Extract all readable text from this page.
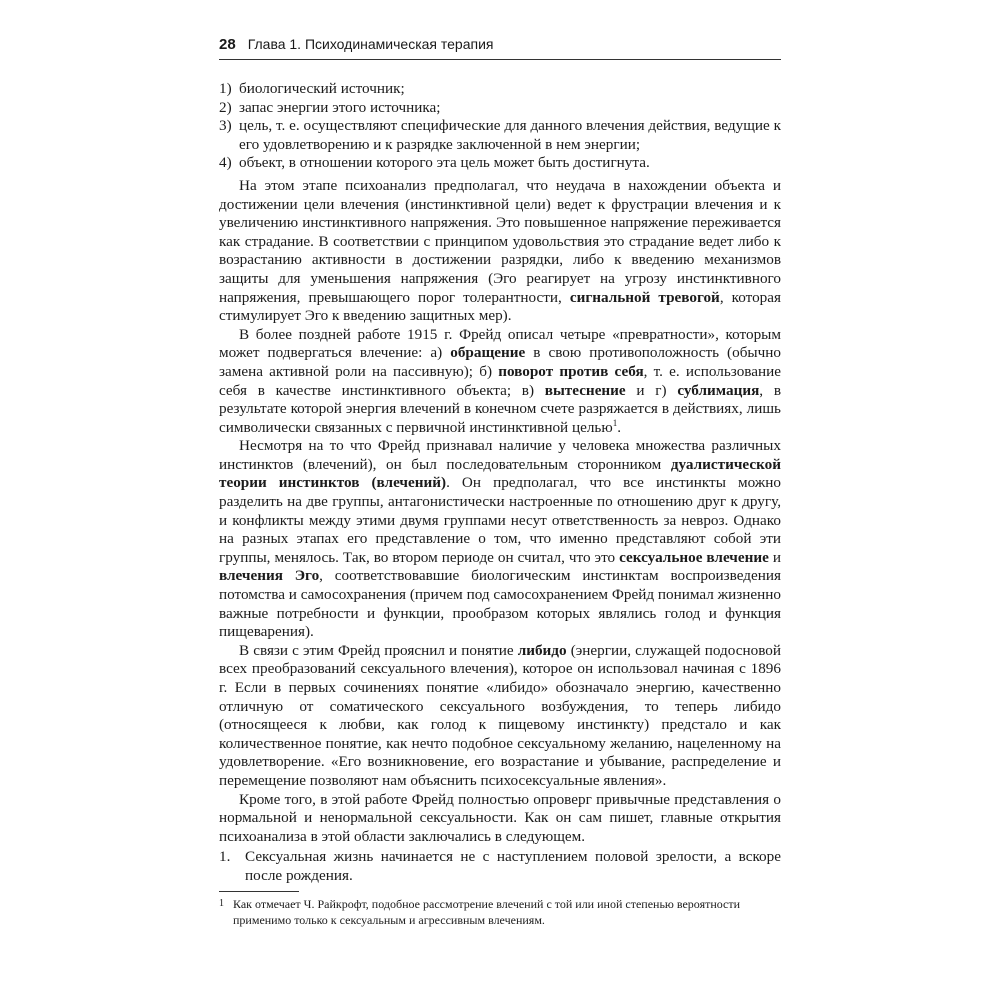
28 Глава 1. Психодинамическая терапия
1) биологический источник;
2) запас энергии этого источника;
3) цель, т. е. осуществляют специфические для данного влечения действия, ведущие к его удовлетворению и к разрядке заключенной в нем энергии;
4) объект, в отношении которого эта цель может быть достигнута.

На этом этапе психоанализ предполагал, что неудача в нахождении объекта и достижении цели влечения (инстинктивной цели) ведет к фрустрации влечения и к увеличению инстинктивного напряжения. Это повышенное напряжение переживается как страдание. В соответствии с принципом удовольствия это страдание ведет либо к возрастанию активности в достижении разрядки, либо к введению механизмов защиты для уменьшения напряжения (Эго реагирует на угрозу инстинктивного напряжения, превышающего порог толерантности, сигнальной тревогой, которая стимулирует Эго к введению защитных мер).

В более поздней работе 1915 г. Фрейд описал четыре «превратности», которым может подвергаться влечение: а) обращение в свою противоположность (обычно замена активной роли на пассивную); б) поворот против себя, т. е. использование себя в качестве инстинктивного объекта; в) вытеснение и г) сублимация, в результате которой энергия влечений в конечном счете разряжается в действиях, лишь символически связанных с первичной инстинктивной целью$^1$.

Несмотря на то что Фрейд признавал наличие у человека множества различных инстинктов (влечений), он был последовательным сторонником дуалистической теории инстинктов (влечений). Он предполагал, что все инстинкты можно разделить на две группы, антагонистически настроенные по отношению друг к другу, и конфликты между этими двумя группами несут ответственность за невроз. Однако на разных этапах его представление о том, что именно представляют собой эти группы, менялось. Так, во втором периоде он считал, что это сексуальное влечение и влечения Эго, соответствовавшие биологическим инстинктам воспроизведения потомства и самосохранения (причем под самосохранением Фрейд понимал жизненно важные потребности и функции, прообразом которых являлись голод и функция пищеварения).

В связи с этим Фрейд прояснил и понятие либидо (энергии, служащей подосновой всех преобразований сексуального влечения), которое он использовал начиная с 1896 г. Если в первых сочинениях понятие «либидо» обозначало энергию, качественно отличную от соматического сексуального возбуждения, то теперь либидо (относящееся к любви, как голод к пищевому инстинкту) предстало и как количественное понятие, как нечто подобное сексуальному желанию, нацеленному на удовлетворение. «Его возникновение, его возрастание и убывание, распределение и перемещение позволяют нам объяснить психосексуальные явления».

Кроме того, в этой работе Фрейд полностью опроверг привычные представления о нормальной и ненормальной сексуальности. Как он сам пишет, главные открытия психоанализа в этой области заключались в следующем.

1. Сексуальная жизнь начинается не с наступлением половой зрелости, а вскоре после рождения.
1 Как отмечает Ч. Райкрофт, подобное рассмотрение влечений с той или иной степенью вероятности применимо только к сексуальным и агрессивным влечениям.
